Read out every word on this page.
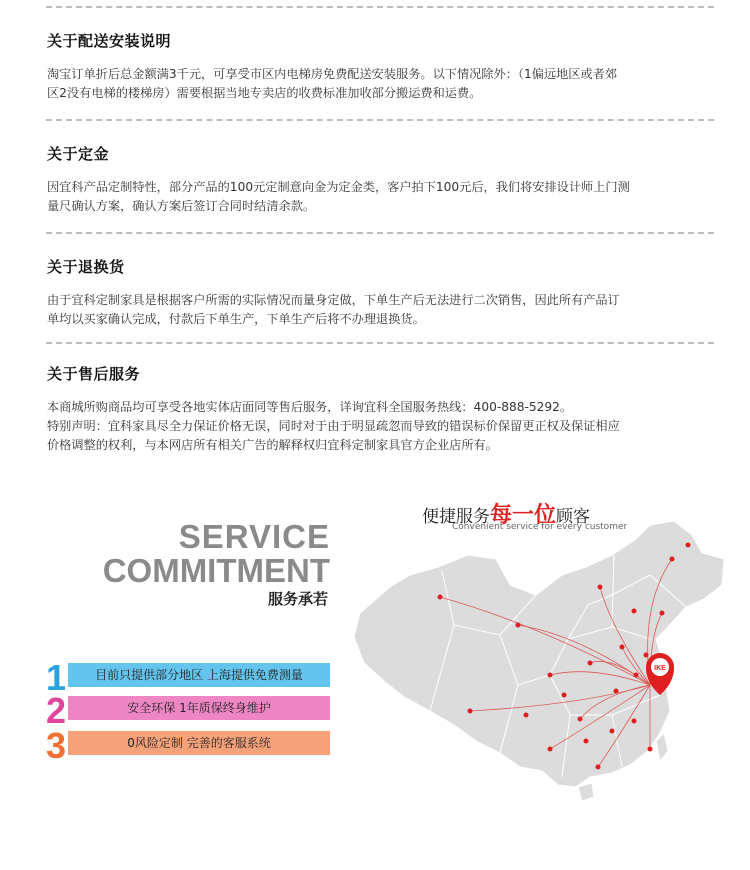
关于配送安装说明

淘宝订单折后总金额满3千元，可享受市区内电梯房免费配送安装服务。以下情况除外：（1偏远地区或者郊
区2没有电梯的楼梯房）需要根据当地专卖店的收费标准加收部分搬运费和运费。

关于定金

因宜科产品定制特性，部分产品的100元定制意向金为定金类，客户拍下100元后，我们将安排设计师上门测
量尺确认方案，确认方案后签订合同时结清余款。

关于退换货

由于宜科定制家具是根据客户所需的实际情况而量身定做，下单生产后无法进行二次销售，因此所有产品订
单均以买家确认完成，付款后下单生产，下单生产后将不办理退换货。

关于售后服务

本商城所购商品均可享受各地实体店面同等售后服务，详询宜科全国服务热线：400-888-5292。
特别声明：宜科家具尽全力保证价格无误，同时对于由于明显疏忽而导致的错误标价保留更正权及保证相应
价格调整的权利，与本网店所有相关广告的解释权归宜科定制家具官方企业店所有。

SERVICE
COMMITMENT
服务承若
1	目前只提供部分地区 上海提供免费测量
2	安全环保 1年质保终身维护
3	0风险定制 完善的客服系统
便捷服务每一位顾客
Convenient service for every customer
IKE
